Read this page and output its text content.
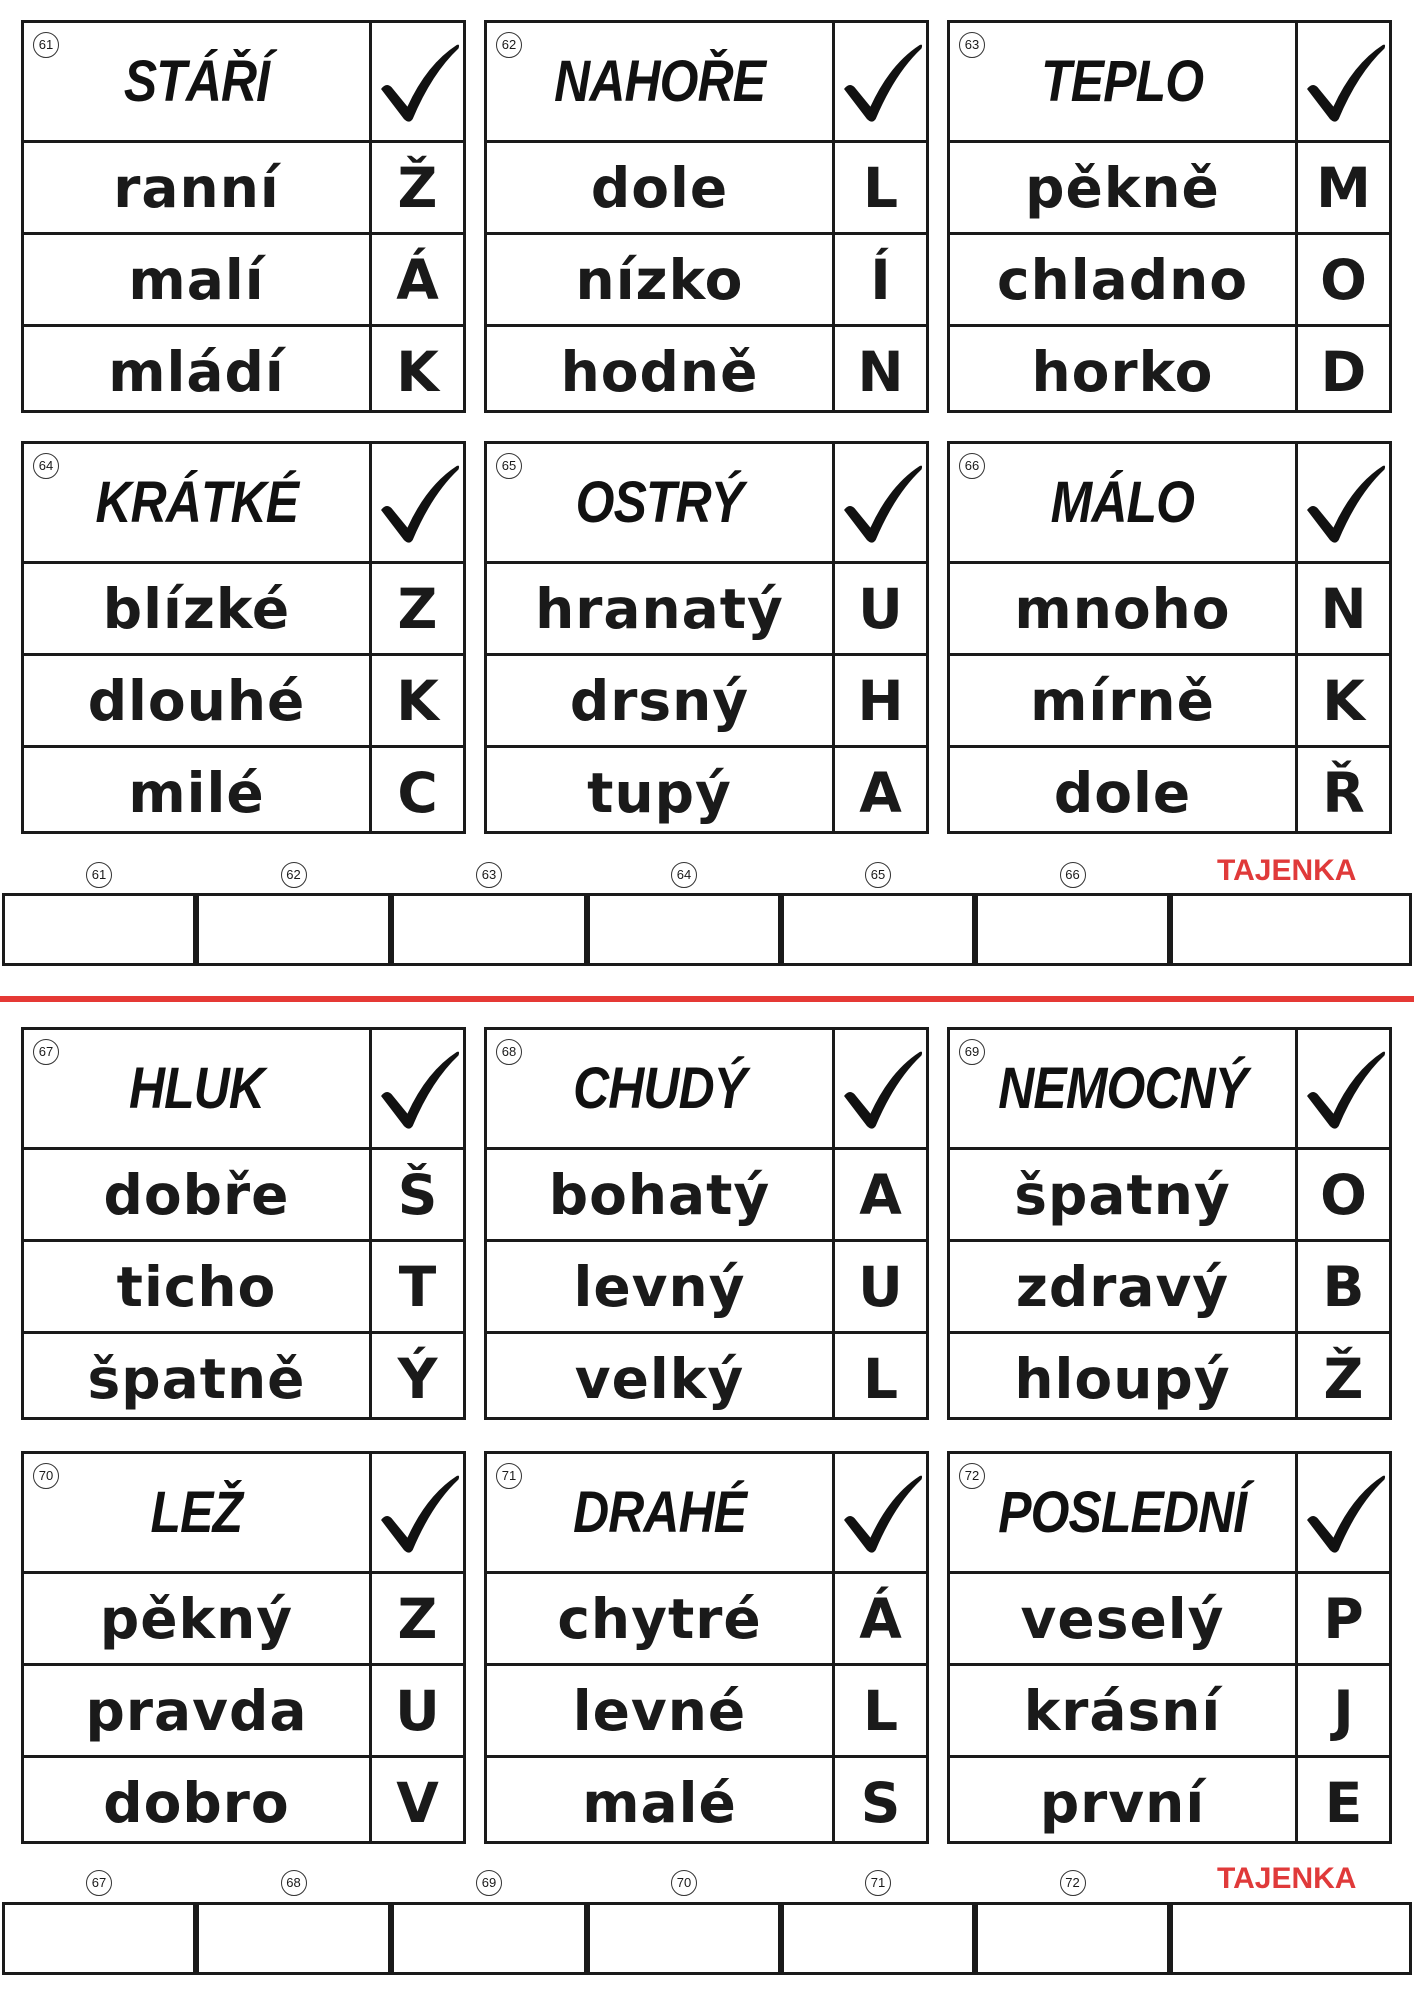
61
STÁŘÍ
ranní Ž
malí Á
mládí K
62
NAHOŘE
dole L
nízko Í
hodně N
63
TEPLO
pěkně M
chladno O
horko D
64
KRÁTKÉ
blízké Z
dlouhé K
milé C
65
OSTRÝ
hranatý U
drsný H
tupý A
66
MÁLO
mnoho N
mírně K
dole Ř
61	62	63	64	65	66	TAJENKA
67
HLUK
dobře Š
ticho T
špatně Ý
68
CHUDÝ
bohatý A
levný U
velký L
69
NEMOCNÝ
špatný O
zdravý B
hloupý Ž
70
LEŽ
pěkný Z
pravda U
dobro V
71
DRAHÉ
chytré Á
levné L
malé S
72
POSLEDNÍ
veselý P
krásní J
první E
67	68	69	70	71	72	TAJENKA
